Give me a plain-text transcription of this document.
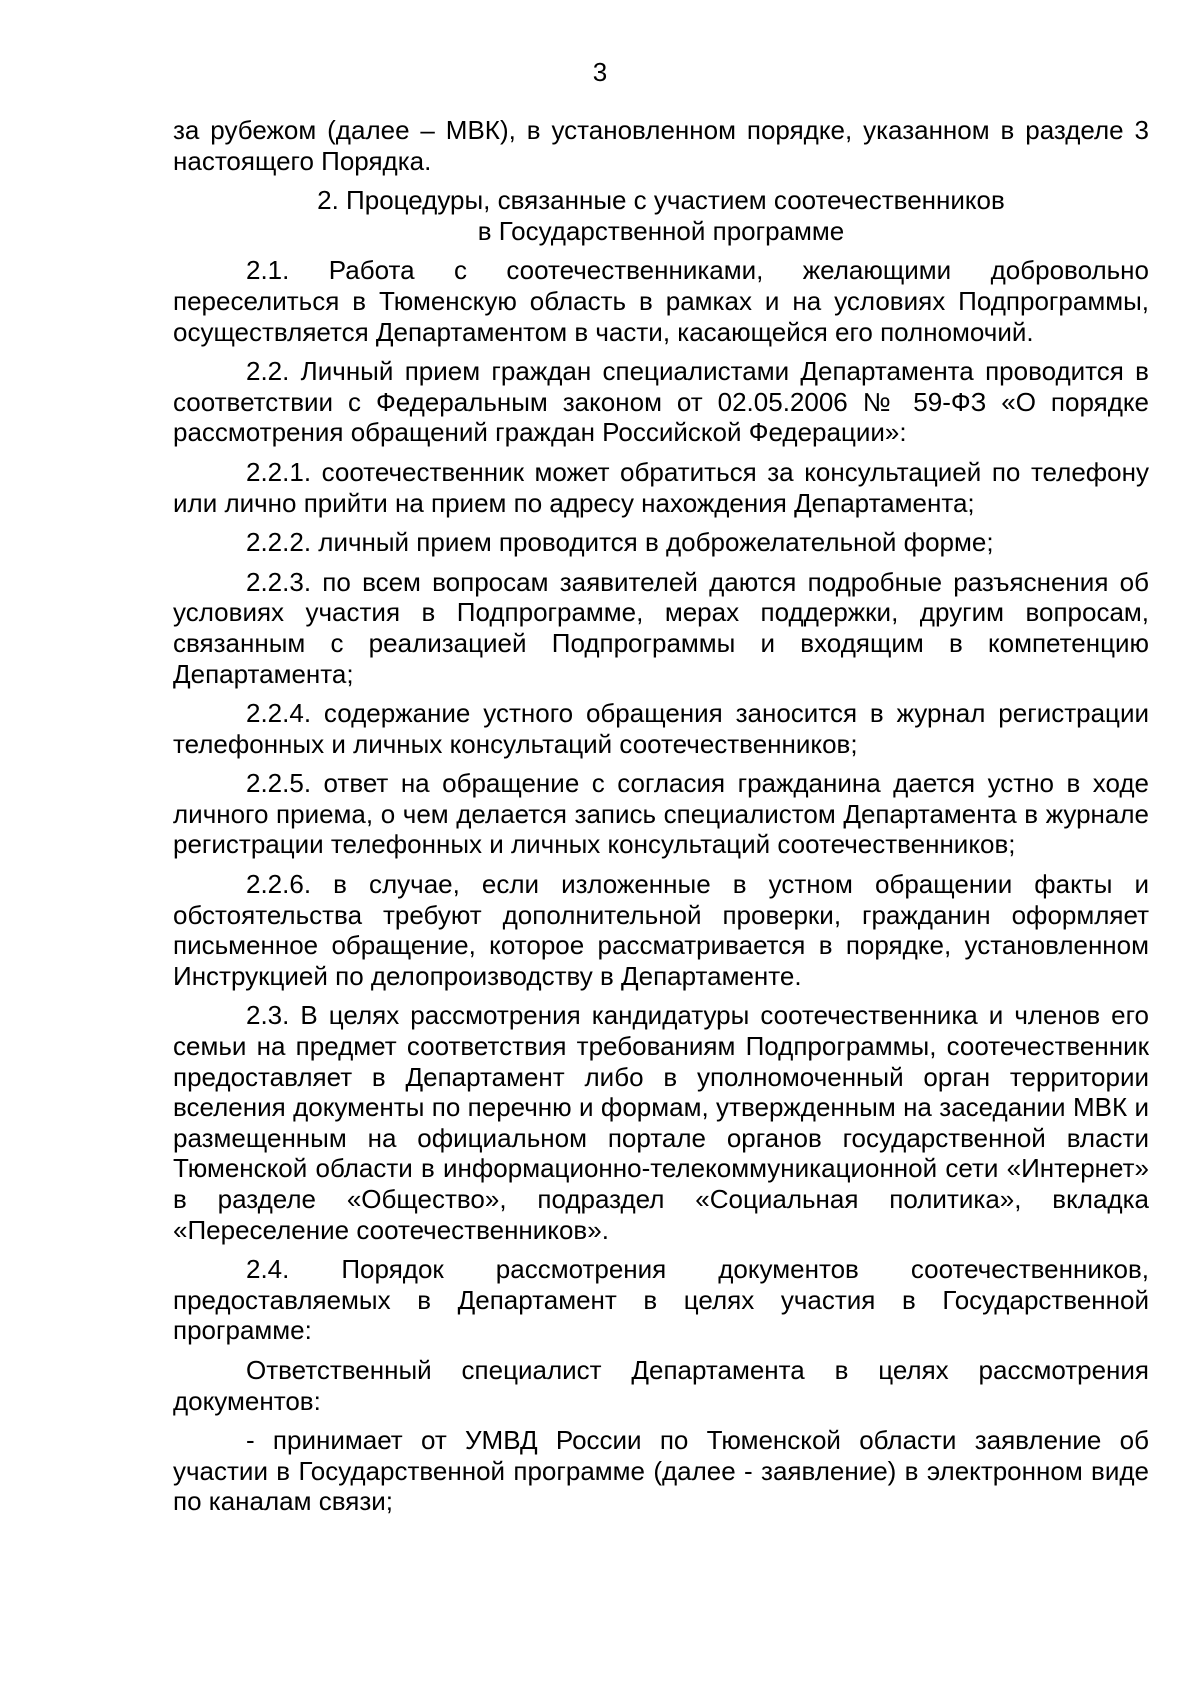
3

за рубежом (далее – МВК), в установленном порядке, указанном в разделе 3 настоящего Порядка.

2. Процедуры, связанные с участием соотечественников
в Государственной программе

2.1. Работа с соотечественниками, желающими добровольно переселиться в Тюменскую область в рамках и на условиях Подпрограммы, осуществляется Департаментом в части, касающейся его полномочий.

2.2. Личный прием граждан специалистами Департамента проводится в соответствии с Федеральным законом от 02.05.2006 № 59-ФЗ «О порядке рассмотрения обращений граждан Российской Федерации»:

2.2.1. соотечественник может обратиться за консультацией по телефону или лично прийти на прием по адресу нахождения Департамента;

2.2.2. личный прием проводится в доброжелательной форме;

2.2.3. по всем вопросам заявителей даются подробные разъяснения об условиях участия в Подпрограмме, мерах поддержки, другим вопросам, связанным с реализацией Подпрограммы и входящим в компетенцию Департамента;

2.2.4. содержание устного обращения заносится в журнал регистрации телефонных и личных консультаций соотечественников;

2.2.5. ответ на обращение с согласия гражданина дается устно в ходе личного приема, о чем делается запись специалистом Департамента в журнале регистрации телефонных и личных консультаций соотечественников;

2.2.6. в случае, если изложенные в устном обращении факты и обстоятельства требуют дополнительной проверки, гражданин оформляет письменное обращение, которое рассматривается в порядке, установленном Инструкцией по делопроизводству в Департаменте.

2.3. В целях рассмотрения кандидатуры соотечественника и членов его семьи на предмет соответствия требованиям Подпрограммы, соотечественник предоставляет в Департамент либо в уполномоченный орган территории вселения документы по перечню и формам, утвержденным на заседании МВК и размещенным на официальном портале органов государственной власти Тюменской области в информационно-телекоммуникационной сети «Интернет» в разделе «Общество», подраздел «Социальная политика», вкладка «Переселение соотечественников».

2.4. Порядок рассмотрения документов соотечественников, предоставляемых в Департамент в целях участия в Государственной программе:

Ответственный специалист Департамента в целях рассмотрения документов:

- принимает от УМВД России по Тюменской области заявление об участии в Государственной программе (далее - заявление) в электронном виде по каналам связи;
